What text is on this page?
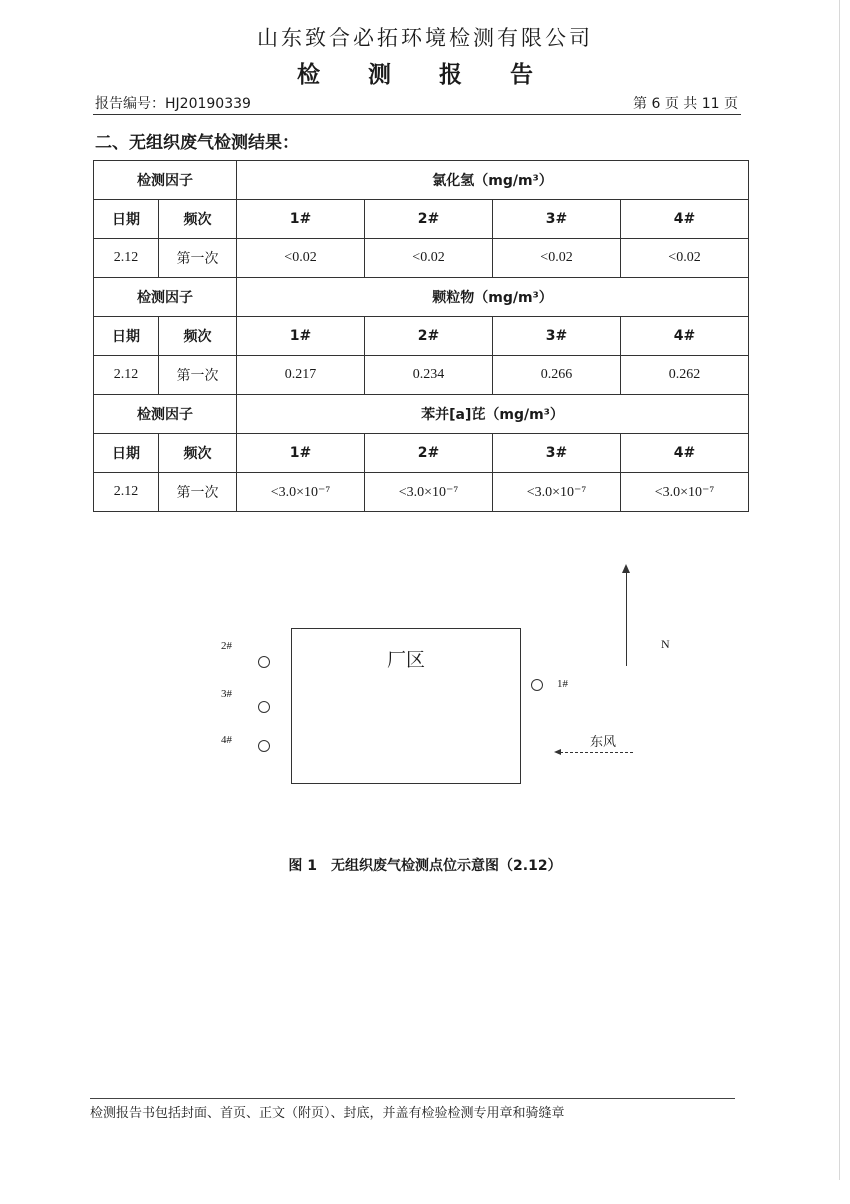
山东致合必拓环境检测有限公司
检 测 报 告
报告编号：HJ20190339	第 6 页 共 11 页
二、无组织废气检测结果：
检测因子		氯化氢（mg/m³）			
日期	频次	1#	2#	3#	4#
2.12	第一次	<0.02	<0.02	<0.02	<0.02
检测因子		颗粒物（mg/m³）			
日期	频次	1#	2#	3#	4#
2.12	第一次	0.217	0.234	0.266	0.262
检测因子		苯并[a]芘（mg/m³）			
日期	频次	1#	2#	3#	4#
2.12	第一次	<3.0×10⁻⁷	<3.0×10⁻⁷	<3.0×10⁻⁷	<3.0×10⁻⁷
厂区
2#
3#
4#
1#
N
东风
图 1　无组织废气检测点位示意图（2.12）
检测报告书包括封面、首页、正文（附页）、封底，并盖有检验检测专用章和骑缝章
